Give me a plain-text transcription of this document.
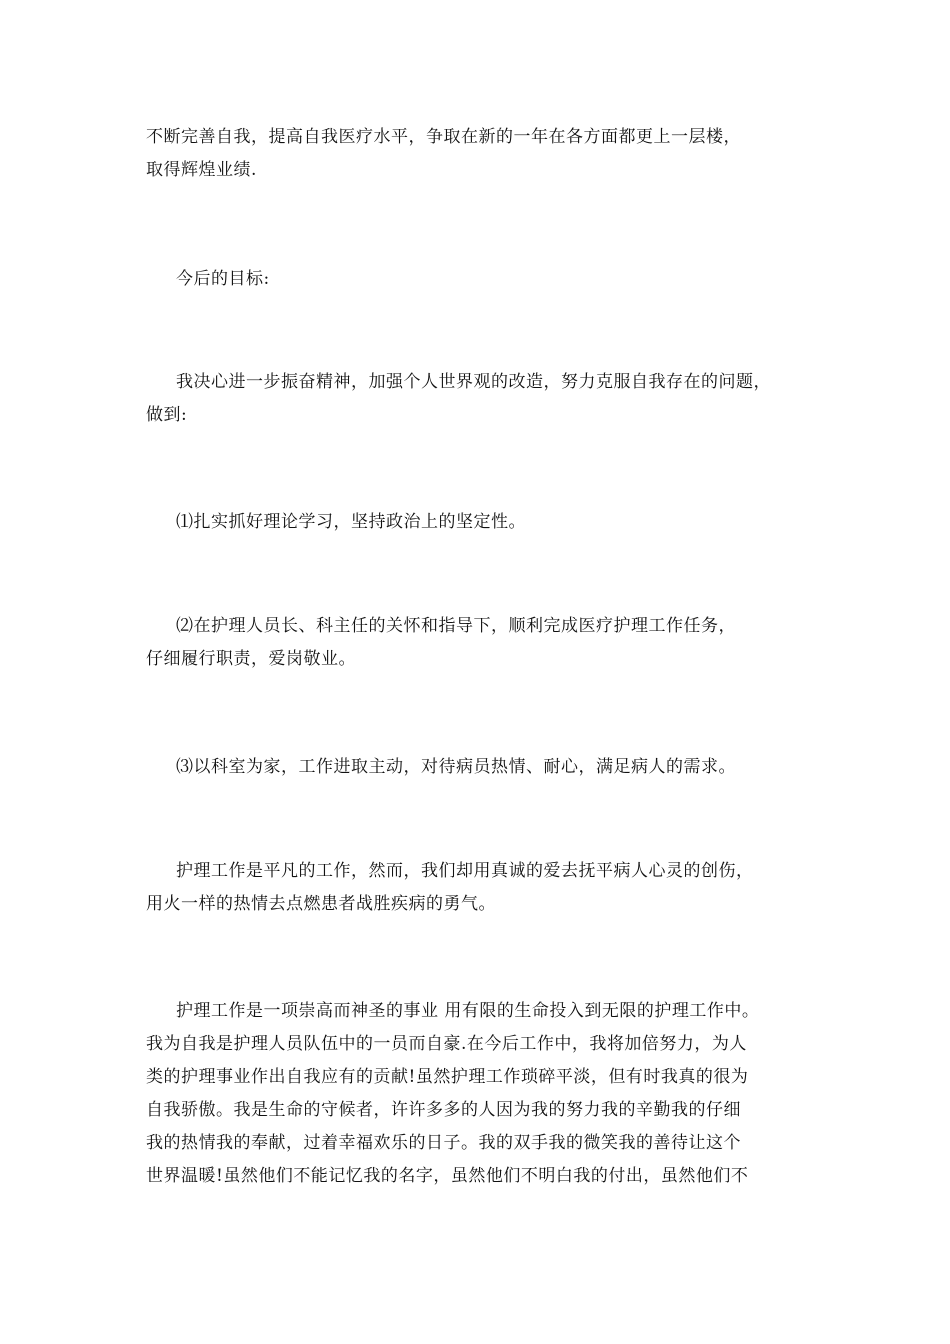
不断完善自我，提高自我医疗水平，争取在新的一年在各方面都更上一层楼，
取得辉煌业绩.
今后的目标:
我决心进一步振奋精神，加强个人世界观的改造，努力克服自我存在的问题，
做到:
⑴扎实抓好理论学习，坚持政治上的坚定性。
⑵在护理人员长、科主任的关怀和指导下，顺利完成医疗护理工作任务，
仔细履行职责，爱岗敬业。
⑶以科室为家，工作进取主动，对待病员热情、耐心，满足病人的需求。
护理工作是平凡的工作，然而，我们却用真诚的爱去抚平病人心灵的创伤，
用火一样的热情去点燃患者战胜疾病的勇气。
护理工作是一项崇高而神圣的事业 用有限的生命投入到无限的护理工作中。
我为自我是护理人员队伍中的一员而自豪.在今后工作中，我将加倍努力，为人
类的护理事业作出自我应有的贡献!虽然护理工作琐碎平淡，但有时我真的很为
自我骄傲。我是生命的守候者，许许多多的人因为我的努力我的辛勤我的仔细
我的热情我的奉献，过着幸福欢乐的日子。我的双手我的微笑我的善待让这个
世界温暖!虽然他们不能记忆我的名字，虽然他们不明白我的付出，虽然他们不
